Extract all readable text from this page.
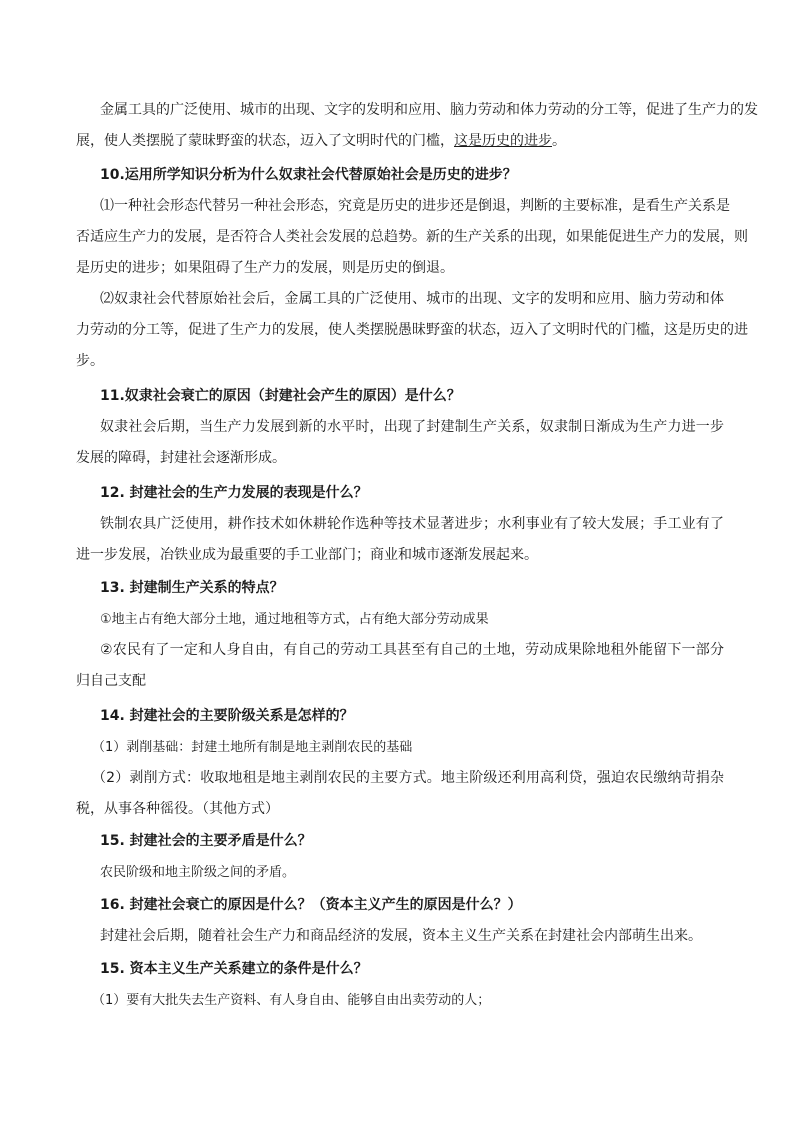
金属工具的广泛使用、城市的出现、文字的发明和应用、脑力劳动和体力劳动的分工等，促进了生产力的发
展，使人类摆脱了蒙昧野蛮的状态，迈入了文明时代的门槛，这是历史的进步。
10.运用所学知识分析为什么奴隶社会代替原始社会是历史的进步？
⑴一种社会形态代替另一种社会形态，究竟是历史的进步还是倒退，判断的主要标准，是看生产关系是
否适应生产力的发展，是否符合人类社会发展的总趋势。新的生产关系的出现，如果能促进生产力的发展，则
是历史的进步；如果阻碍了生产力的发展，则是历史的倒退。
⑵奴隶社会代替原始社会后，金属工具的广泛使用、城市的出现、文字的发明和应用、脑力劳动和体
力劳动的分工等，促进了生产力的发展，使人类摆脱愚昧野蛮的状态，迈入了文明时代的门槛，这是历史的进
步。
11.奴隶社会衰亡的原因（封建社会产生的原因）是什么？
奴隶社会后期，当生产力发展到新的水平时，出现了封建制生产关系，奴隶制日渐成为生产力进一步
发展的障碍，封建社会逐渐形成。
12. 封建社会的生产力发展的表现是什么？
铁制农具广泛使用，耕作技术如休耕轮作选种等技术显著进步；水利事业有了较大发展；手工业有了
进一步发展，冶铁业成为最重要的手工业部门；商业和城市逐渐发展起来。
13. 封建制生产关系的特点？
①地主占有绝大部分土地，通过地租等方式，占有绝大部分劳动成果
②农民有了一定和人身自由，有自己的劳动工具甚至有自己的土地，劳动成果除地租外能留下一部分
归自己支配
14. 封建社会的主要阶级关系是怎样的？
（1）剥削基础：封建土地所有制是地主剥削农民的基础
（2）剥削方式：收取地租是地主剥削农民的主要方式。地主阶级还利用高利贷，强迫农民缴纳苛捐杂
税，从事各种徭役。（其他方式）
15. 封建社会的主要矛盾是什么？
农民阶级和地主阶级之间的矛盾。
16. 封建社会衰亡的原因是什么？（资本主义产生的原因是什么？）
封建社会后期，随着社会生产力和商品经济的发展，资本主义生产关系在封建社会内部萌生出来。
15. 资本主义生产关系建立的条件是什么？
（1）要有大批失去生产资料、有人身自由、能够自由出卖劳动的人；
